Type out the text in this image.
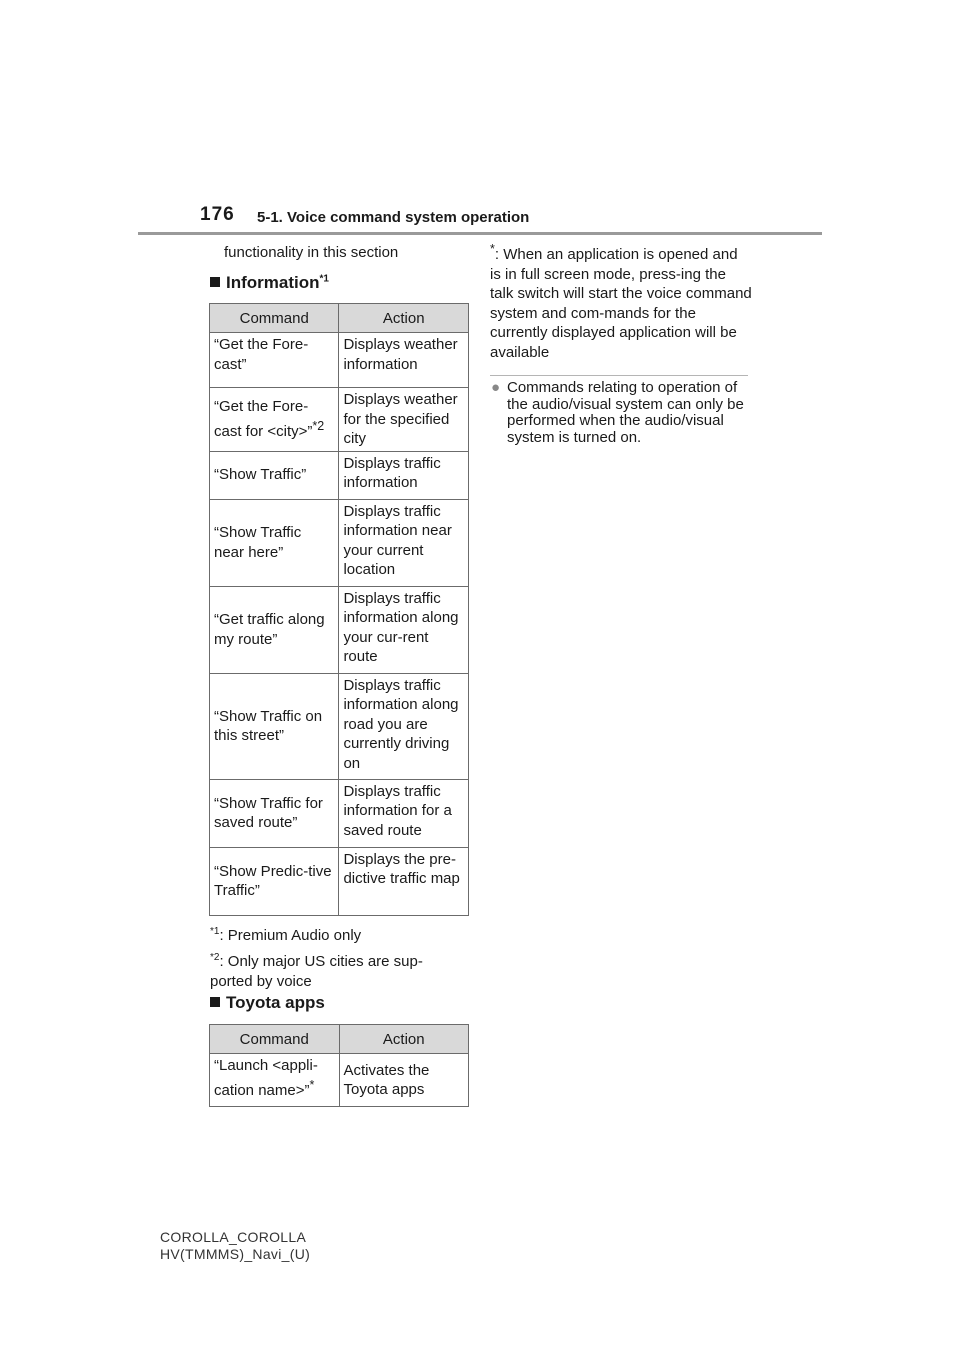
176 5-1. Voice command system operation
functionality in this section
Information$^{*1}$
Command	Action
“Get the Fore-cast”	Displays weather information
“Get the Fore-cast for <city>”$^{*2}$	Displays weather for the specified city
“Show Traffic”	Displays traffic information
“Show Traffic near here”	Displays traffic information near your current location
“Get traffic along my route”	Displays traffic information along your cur-rent route
“Show Traffic on this street”	Displays traffic information along road you are currently driving on
“Show Traffic for saved route”	Displays traffic information for a saved route
“Show Predic-tive Traffic”	Displays the pre-dictive traffic map
$^{*1}$: Premium Audio only
$^{*2}$: Only major US cities are sup-ported by voice
Toyota apps
Command	Action
“Launch <appli-cation name>”*	Activates the Toyota apps
*: When an application is opened and is in full screen mode, press-ing the talk switch will start the voice command system and com-mands for the currently displayed application will be available
● Commands relating to operation of the audio/visual system can only be performed when the audio/visual system is turned on.
COROLLA_COROLLA
HV(TMMMS)_Navi_(U)
